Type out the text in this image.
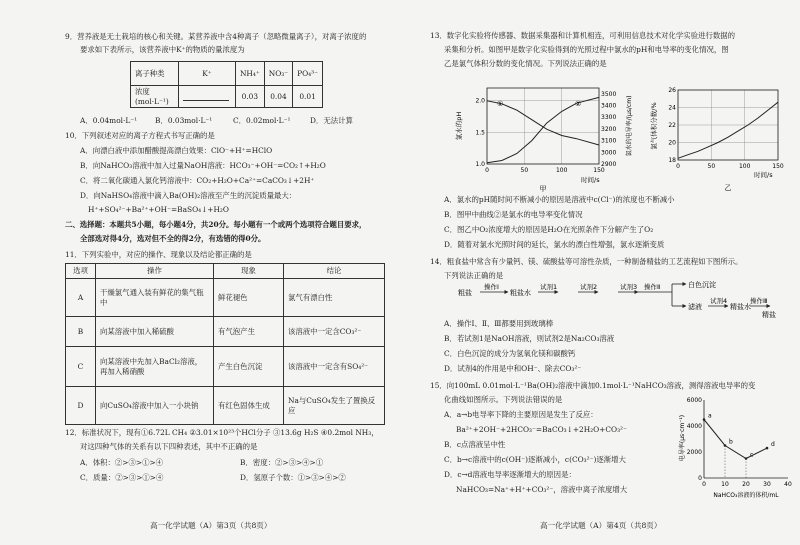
9．营养液是无土栽培的核心和关键。某营养液中含4种离子（忽略微量离子），对离子浓度的
要求如下表所示，该营养液中K⁺的物质的量浓度为
离子种类	K⁺	NH₄⁺	NO₃⁻	PO₄³⁻
浓度(mol·L⁻¹)		0.03	0.04	0.01
A．0.04mol·L⁻¹ B．0.03mol·L⁻¹	C．0.02mol·L⁻¹	D．无法计算
10．下列叙述对应的离子方程式书写正确的是
A．向漂白液中添加醋酸提高漂白效果：ClO⁻+H⁺=HClO
B．向NaHCO₃溶液中加入过量NaOH溶液：HCO₃⁻+OH⁻=CO₂↑+H₂O
C．将二氧化碳通入氯化钙溶液中：CO₂+H₂O+Ca²⁺=CaCO₃↓+2H⁺
D．向NaHSO₄溶液中滴入Ba(OH)₂溶液至产生的沉淀质量最大：
H⁺+SO₄²⁻+Ba²⁺+OH⁻=BaSO₄↓+H₂O
二、选择题：本题共5小题，每小题4分，共20分。每小题有一个或两个选项符合题目要求，
全部选对得4分，选对但不全的得2分，有选错的得0分。
11．下列实验中，对应的操作、现象以及结论都正确的是
选项	操作	现象	结论
A	干燥氯气通入装有鲜花的集气瓶中	鲜花褪色	氯气有漂白性
B	向某溶液中加入稀硫酸	有气泡产生	该溶液中一定含CO₃²⁻
C	向某溶液中先加入BaCl₂溶液，再加入稀硝酸	产生白色沉淀	该溶液中一定含有SO₄²⁻
D	向CuSO₄溶液中加入一小块钠	有红色固体生成	Na与CuSO₄发生了置换反应
12．标准状况下，现有①6.72L CH₄ ②3.01×10²³个HCl分子 ③13.6g H₂S ④0.2mol NH₃，
对这四种气体的关系有以下四种表述，其中不正确的是
A．体积：②>③>①>④	B．密度：②>③>④>①
C．质量：②>③>①>④	D．氢原子个数：①>③>④>②
高一化学试题（A）第3页（共8页）
13．数字化实验将传感器、数据采集器和计算机相连，可利用信息技术对化学实验进行数据的
采集和分析。如图甲是数字化实验得到的光照过程中氯水的pH和电导率的变化情况，图
乙是氯气体积分数的变化情况。下列说法正确的是
0	50	100	150
1.0
1.5
2.0
2900
3000
3100
3200
3300
3400
3500
①	②
氯水的pH	氯水的电导率/(μs/cm)
时间/s
甲
0	50	100	150
18
20
22
24
26
氯气体积分数/%
时间/s
乙
A．氯水的pH随时间不断减小的原因是溶液中c(Cl⁻)的浓度也不断减小
B．图甲中曲线②是氯水的电导率变化情况
C．图乙中O₂浓度增大的原因是H₂O在光照条件下分解产生了O₂
D．随着对氯水光照时间的延长，氯水的漂白性增强，氯水逐渐变质
14．粗食盐中常含有少量钙、镁、硫酸盐等可溶性杂质，一种制备精盐的工艺流程如下图所示。
下列说法正确的是
粗盐
操作Ⅰ
粗盐水
试剂1	试剂2	试剂3 操作Ⅱ	白色沉淀
滤液
试剂4
精盐水
操作Ⅲ
精盐
A．操作Ⅰ、Ⅱ、Ⅲ都要用到玻璃棒
B．若试剂1是NaOH溶液，则试剂2是Na₂CO₃溶液
C．白色沉淀的成分为氢氧化镁和碳酸钙
D．试剂4的作用是中和OH⁻、除去CO₃²⁻
15．向100mL 0.01mol·L⁻¹Ba(OH)₂溶液中滴加0.1mol·L⁻¹NaHCO₃溶液，测得溶液电导率的变
化曲线如图所示。下列说法错误的是
A．a→b电导率下降的主要原因是发生了反应：
Ba²⁺+2OH⁻+2HCO₃⁻=BaCO₃↓+2H₂O+CO₃²⁻
B．c点溶液呈中性
C．b→c溶液中的c(OH⁻)逐渐减小，c(CO₃²⁻)逐渐增大
D．c→d溶液电导率逐渐增大的原因是：
NaHCO₃=Na⁺+H⁺+CO₃²⁻，溶液中离子浓度增大
0	10 20 30 40
0
2000
4000
6000
a
b
c
d
电导率(μs·cm⁻¹)
NaHCO₃溶液的体积/mL
高一化学试题（A）第4页（共8页）
